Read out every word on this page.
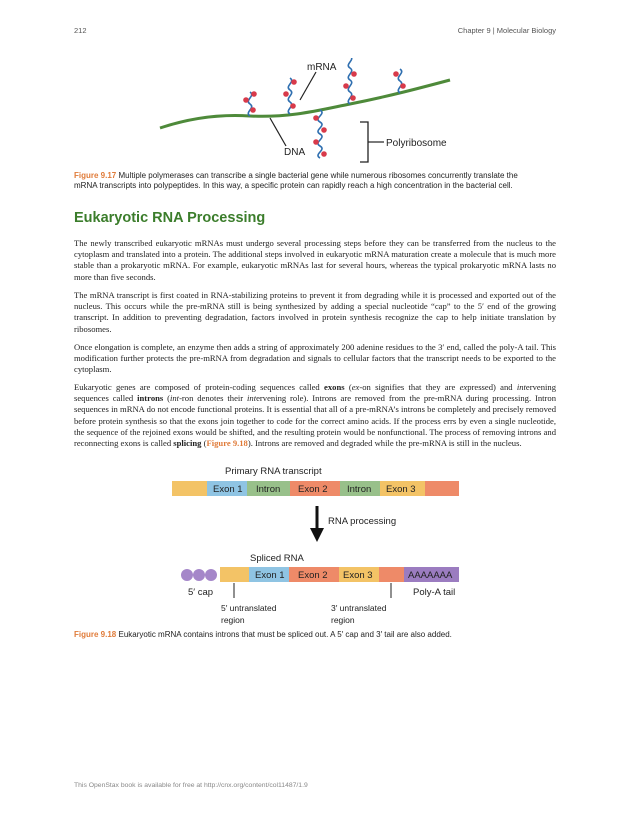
212	Chapter 9 | Molecular Biology
mRNA
DNA
Polyribosome
Figure 9.17 Multiple polymerases can transcribe a single bacterial gene while numerous ribosomes concurrently translate the mRNA transcripts into polypeptides. In this way, a specific protein can rapidly reach a high concentration in the bacterial cell.
Eukaryotic RNA Processing

The newly transcribed eukaryotic mRNAs must undergo several processing steps before they can be transferred from the nucleus to the cytoplasm and translated into a protein. The additional steps involved in eukaryotic mRNA maturation create a molecule that is much more stable than a prokaryotic mRNA. For example, eukaryotic mRNAs last for several hours, whereas the typical prokaryotic mRNA lasts no more than five seconds.

The mRNA transcript is first coated in RNA-stabilizing proteins to prevent it from degrading while it is processed and exported out of the nucleus. This occurs while the pre-mRNA still is being synthesized by adding a special nucleotide “cap” to the 5′ end of the growing transcript. In addition to preventing degradation, factors involved in protein synthesis recognize the cap to help initiate translation by ribosomes.

Once elongation is complete, an enzyme then adds a string of approximately 200 adenine residues to the 3′ end, called the poly-A tail. This modification further protects the pre-mRNA from degradation and signals to cellular factors that the transcript needs to be exported to the cytoplasm.

Eukaryotic genes are composed of protein-coding sequences called exons (ex-on signifies that they are expressed) and intervening sequences called introns (int-ron denotes their intervening role). Introns are removed from the pre-mRNA during processing. Intron sequences in mRNA do not encode functional proteins. It is essential that all of a pre-mRNA’s introns be completely and precisely removed before protein synthesis so that the exons join together to code for the correct amino acids. If the process errs by even a single nucleotide, the sequence of the rejoined exons would be shifted, and the resulting protein would be nonfunctional. The process of removing introns and reconnecting exons is called splicing (Figure 9.18). Introns are removed and degraded while the pre-mRNA is still in the nucleus.

Primary RNA transcript
Exon 1 Intron Exon 2 Intron Exon 3
RNA processing
Spliced RNA
Exon 1 Exon 2 Exon 3	AAAAAAA
5′ cap	Poly-A tail
5′ untranslated
region
3′ untranslated
region
Figure 9.18 Eukaryotic mRNA contains introns that must be spliced out. A 5′ cap and 3′ tail are also added.
This OpenStax book is available for free at http://cnx.org/content/col11487/1.9
